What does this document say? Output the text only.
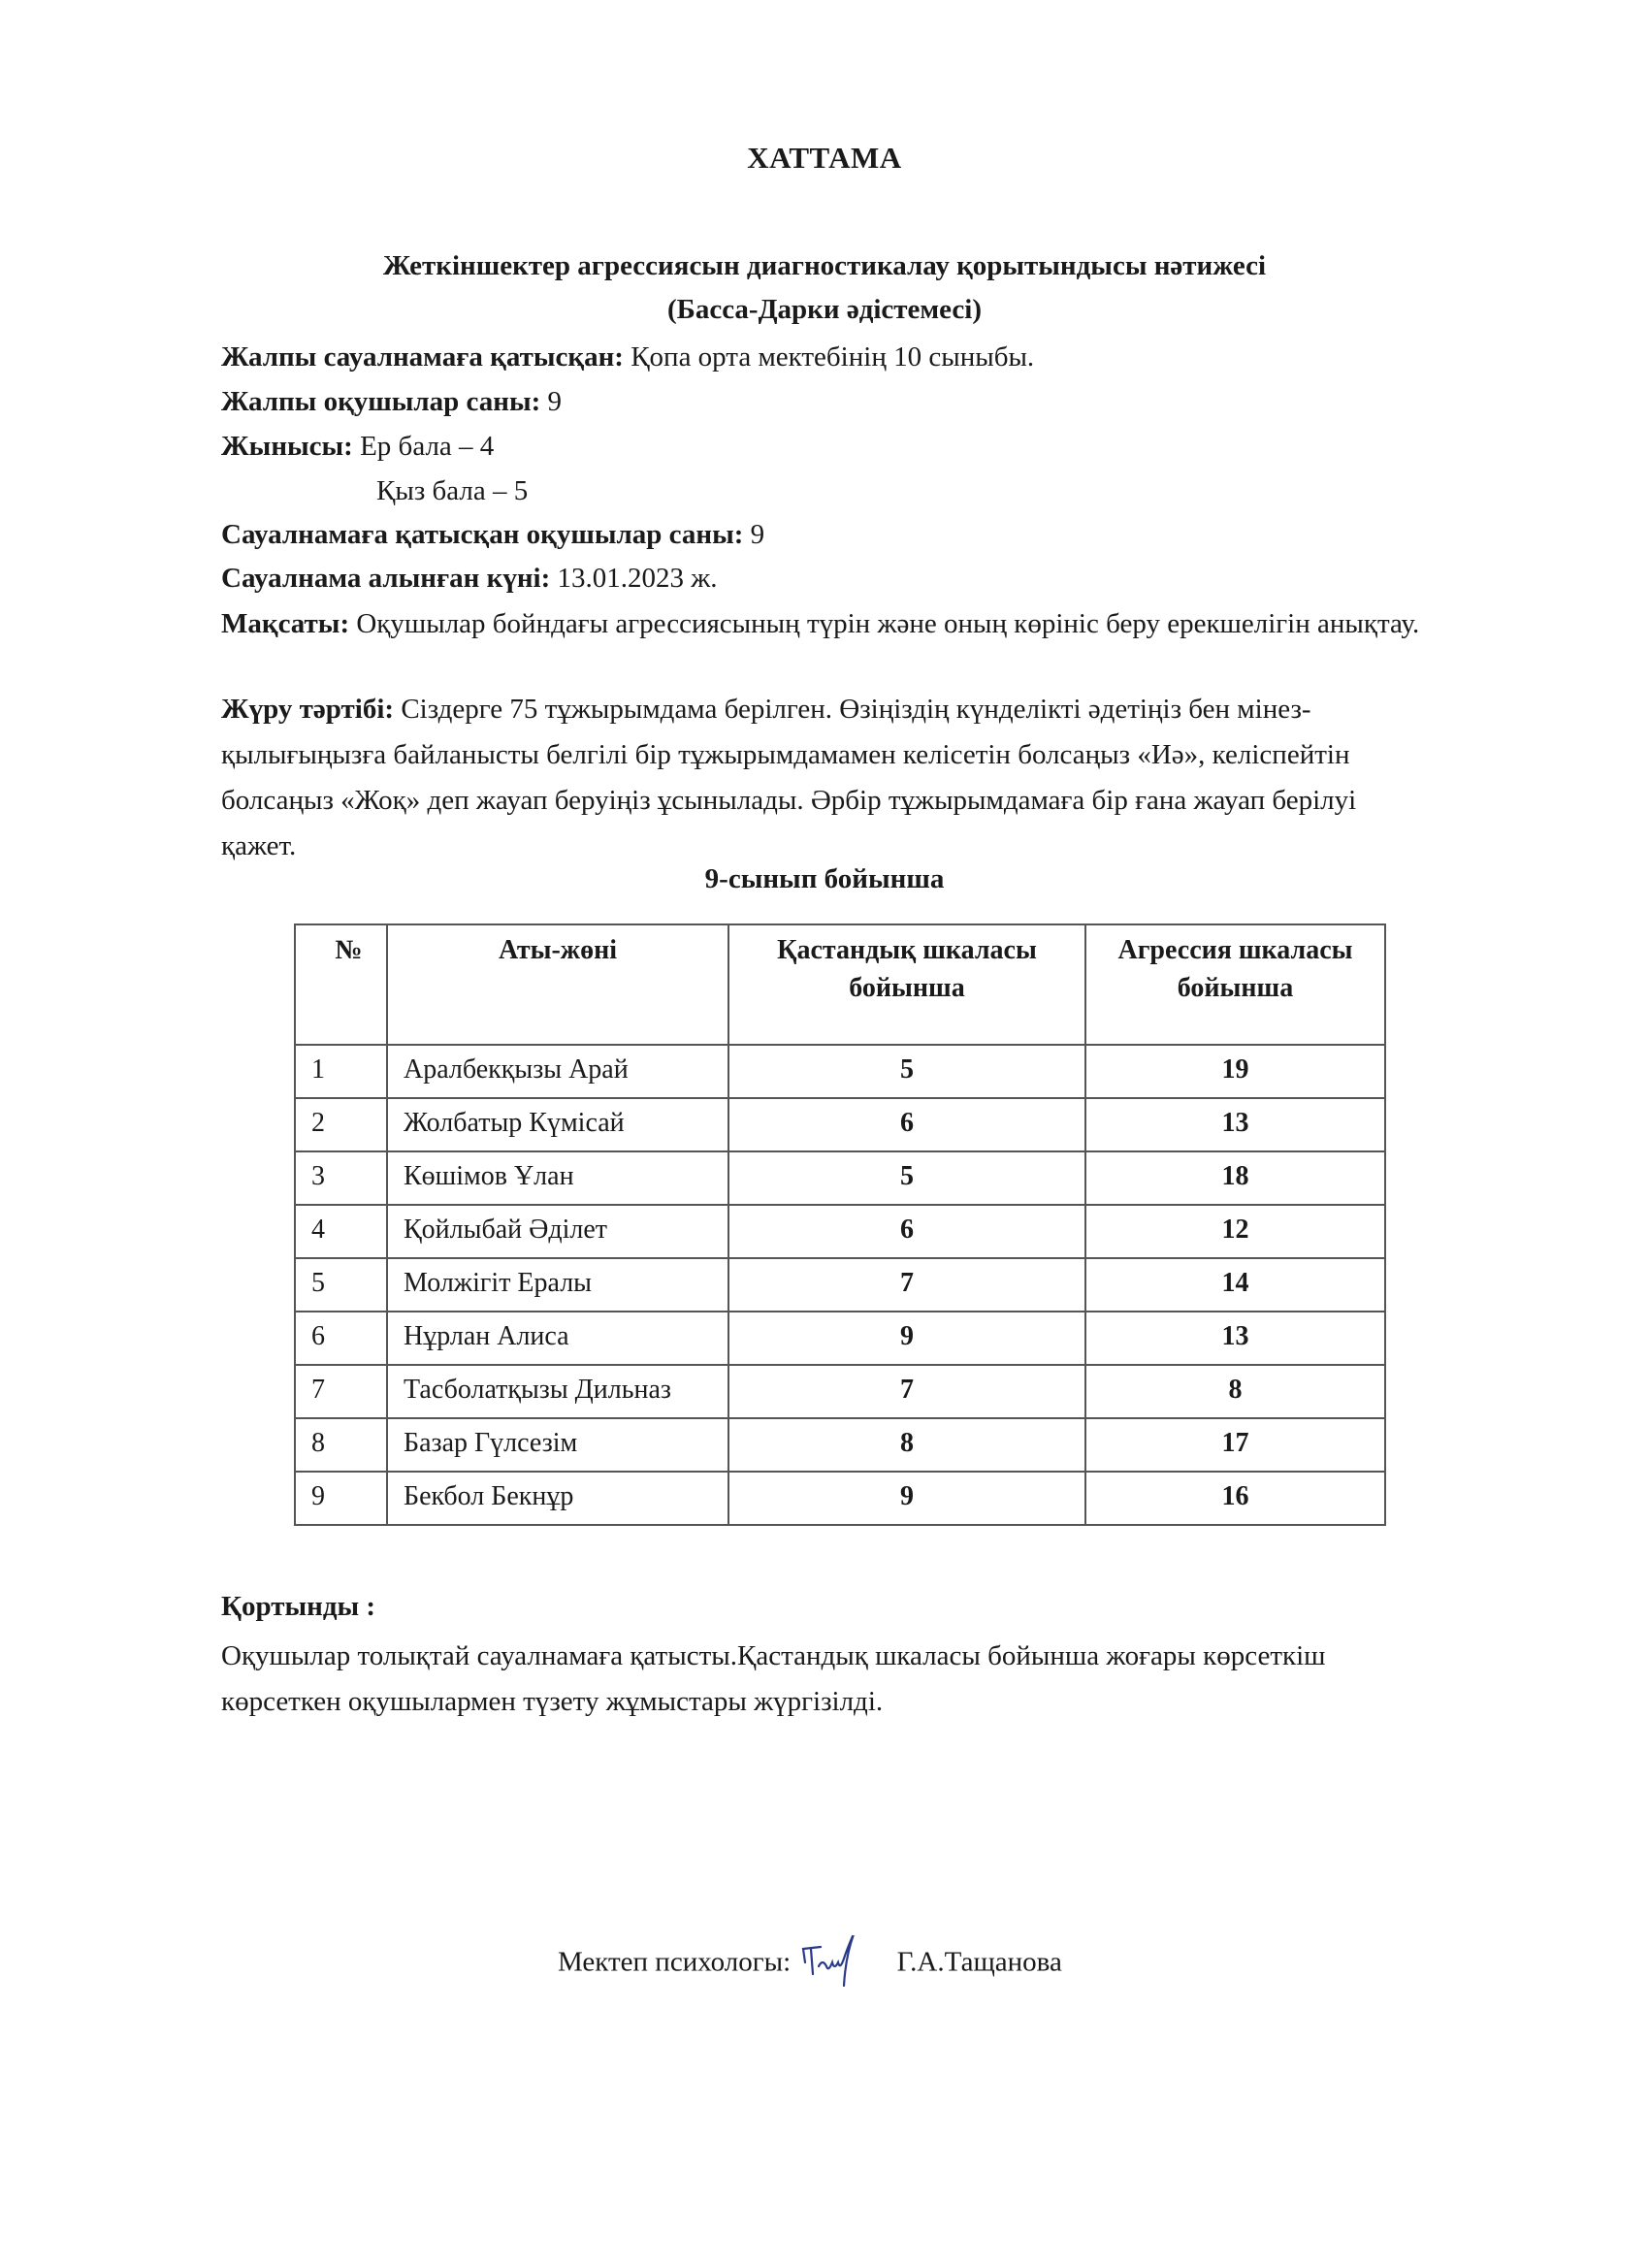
ХАТТАМА
Жеткіншектер агрессиясын диагностикалау қорытындысы нәтижесі
(Басса-Дарки әдістемесі)
Жалпы сауалнамаға қатысқан: Қопа орта мектебінің 10 сыныбы.
Жалпы оқушылар саны: 9
Жынысы: Ер бала – 4
Қыз бала – 5
Сауалнамаға қатысқан оқушылар саны: 9
Сауалнама алынған күні: 13.01.2023 ж.
Мақсаты: Оқушылар бойндағы агрессиясының түрін және оның көрініс беру ерекшелігін анықтау.
Жүру тәртібі: Сіздерге 75 тұжырымдама берілген. Өзіңіздің күнделікті әдетіңіз бен мінез-қылығыңызға байланысты белгілі бір тұжырымдамамен келісетін болсаңыз «Иә», келіспейтін болсаңыз «Жоқ» деп жауап беруіңіз ұсынылады. Әрбір тұжырымдамаға бір ғана жауап берілуі қажет.
9-сынып бойынша
№	Аты-жөні	Қастандық шкаласы бойынша	Агрессия шкаласы бойынша
1	Аралбекқызы Арай	5	19
2	Жолбатыр Күмісай	6	13
3	Көшімов Ұлан	5	18
4	Қойлыбай Әділет	6	12
5	Молжігіт Ералы	7	14
6	Нұрлан Алиса	9	13
7	Тасболатқызы Дильназ	7	8
8	Базар Гүлсезім	8	17
9	Бекбол Бекнұр	9	16
Қортынды :
Оқушылар толықтай сауалнамаға қатысты.Қастандық шкаласы бойынша жоғары көрсеткіш көрсеткен оқушылармен түзету жұмыстары жүргізілді.
Мектеп психологы:	Г.А.Тащанова
